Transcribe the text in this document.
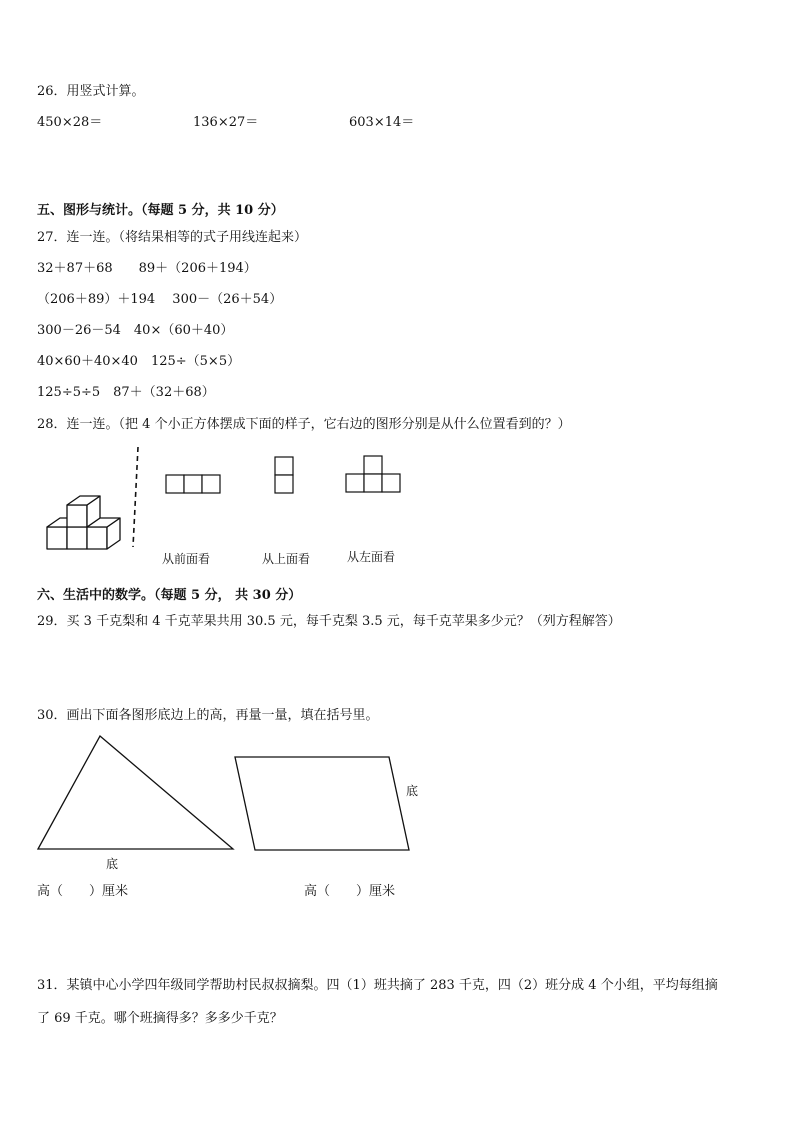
26．用竖式计算。
450×28＝	136×27＝	603×14＝
五、图形与统计。（每题 5 分，共 10 分）
27．连一连。（将结果相等的式子用线连起来）
32＋87＋68　　89＋（206＋194）
（206＋89）＋194　 300－（26＋54）
300－26－54　40×（60＋40）
40×60＋40×40　125÷（5×5）
125÷5÷5　87＋（32＋68）
28．连一连。（把 4 个小正方体摆成下面的样子，它右边的图形分别是从什么位置看到的？）
从前面看	从上面看	从左面看
六、生活中的数学。（每题 5 分， 共 30 分）
29．买 3 千克梨和 4 千克苹果共用 30.5 元，每千克梨 3.5 元，每千克苹果多少元？（列方程解答）
30．画出下面各图形底边上的高，再量一量，填在括号里。
底
底
高（　　）厘米	高（　　）厘米
31．某镇中心小学四年级同学帮助村民叔叔摘梨。四（1）班共摘了 283 千克，四（2）班分成 4 个小组，平均每组摘
了 69 千克。哪个班摘得多？多多少千克？
